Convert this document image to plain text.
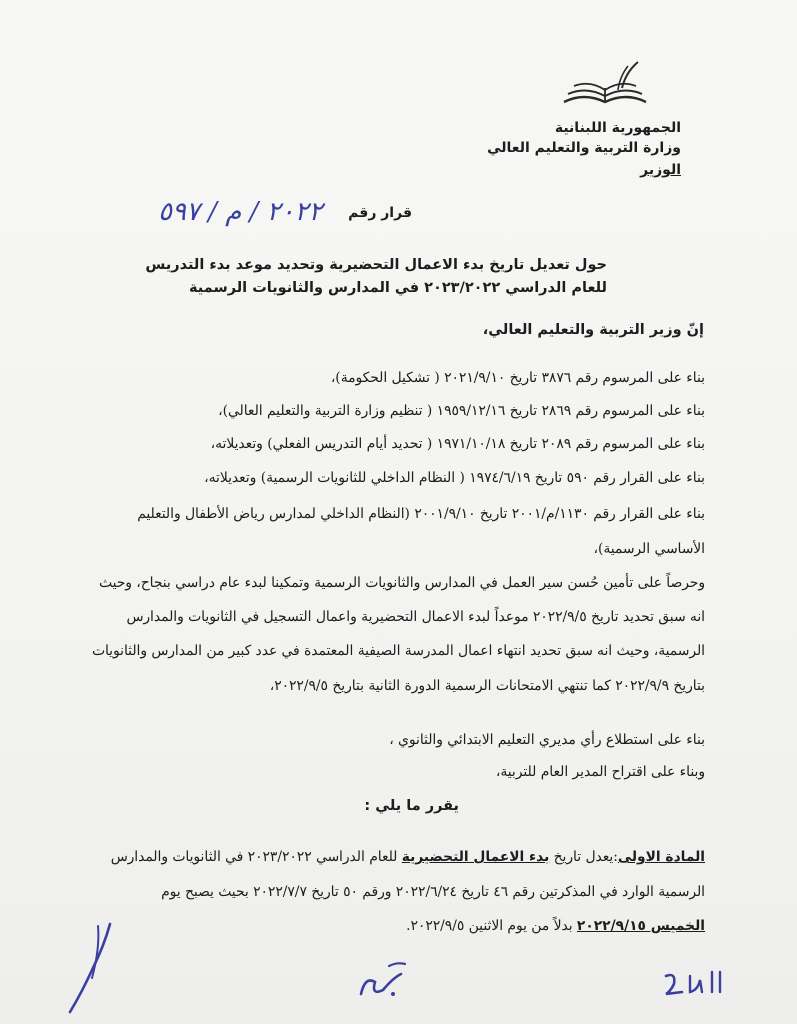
الجمهورية اللبنانية
وزارة التربية والتعليم العالي
الوزير
قرار رقم
٢٠٢٢ / م / ٥٩٧
حول تعديل تاريخ بدء الاعمال التحضيرية وتحديد موعد بدء التدريس
للعام الدراسي ٢٠٢٣/٢٠٢٢ في المدارس والثانويات الرسمية
إنّ وزير التربية والتعليم العالي،
بناء على المرسوم رقم ٣٨٧٦ تاريخ ٢٠٢١/٩/١٠ ( تشكيل الحكومة)،
بناء على المرسوم رقم ٢٨٦٩ تاريخ ١٩٥٩/١٢/١٦ ( تنظيم وزارة التربية والتعليم العالي)،
بناء على المرسوم رقم ٢٠٨٩ تاريخ ١٩٧١/١٠/١٨ ( تحديد أيام التدريس الفعلي) وتعديلاته،
بناء على القرار رقم ٥٩٠ تاريخ ١٩٧٤/٦/١٩ ( النظام الداخلي للثانويات الرسمية) وتعديلاته،
بناء على القرار رقم ١١٣٠/م/٢٠٠١ تاريخ ٢٠٠١/٩/١٠ (النظام الداخلي لمدارس رياض الأطفال والتعليم
الأساسي الرسمية)،
وحرصاً على تأمين حُسن سير العمل في المدارس والثانويات الرسمية وتمكينا لبدء عام دراسي بنجاح، وحيث
انه سبق تحديد تاريخ ٢٠٢٢/٩/٥ موعداً لبدء الاعمال التحضيرية واعمال التسجيل في الثانويات والمدارس
الرسمية، وحيث انه سبق تحديد انتهاء اعمال المدرسة الصيفية المعتمدة في عدد كبير من المدارس والثانويات
بتاريخ ٢٠٢٢/٩/٩ كما تنتهي الامتحانات الرسمية الدورة الثانية بتاريخ ٢٠٢٢/٩/٥،
بناء على استطلاع رأي مديري التعليم الابتدائي والثانوي ،
وبناء على اقتراح المدير العام للتربية،
يقرر ما يلي :
المادة الاولى:يعدل تاريخ بدء الاعمال التحضيرية للعام الدراسي ٢٠٢٣/٢٠٢٢ في الثانويات والمدارس
الرسمية الوارد في المذكرتين رقم ٤٦ تاريخ ٢٠٢٢/٦/٢٤ ورقم ٥٠ تاريخ ٢٠٢٢/٧/٧ بحيث يصبح يوم
الخميس ٢٠٢٢/٩/١٥ بدلاً من يوم الاثنين ٢٠٢٢/٩/٥.
